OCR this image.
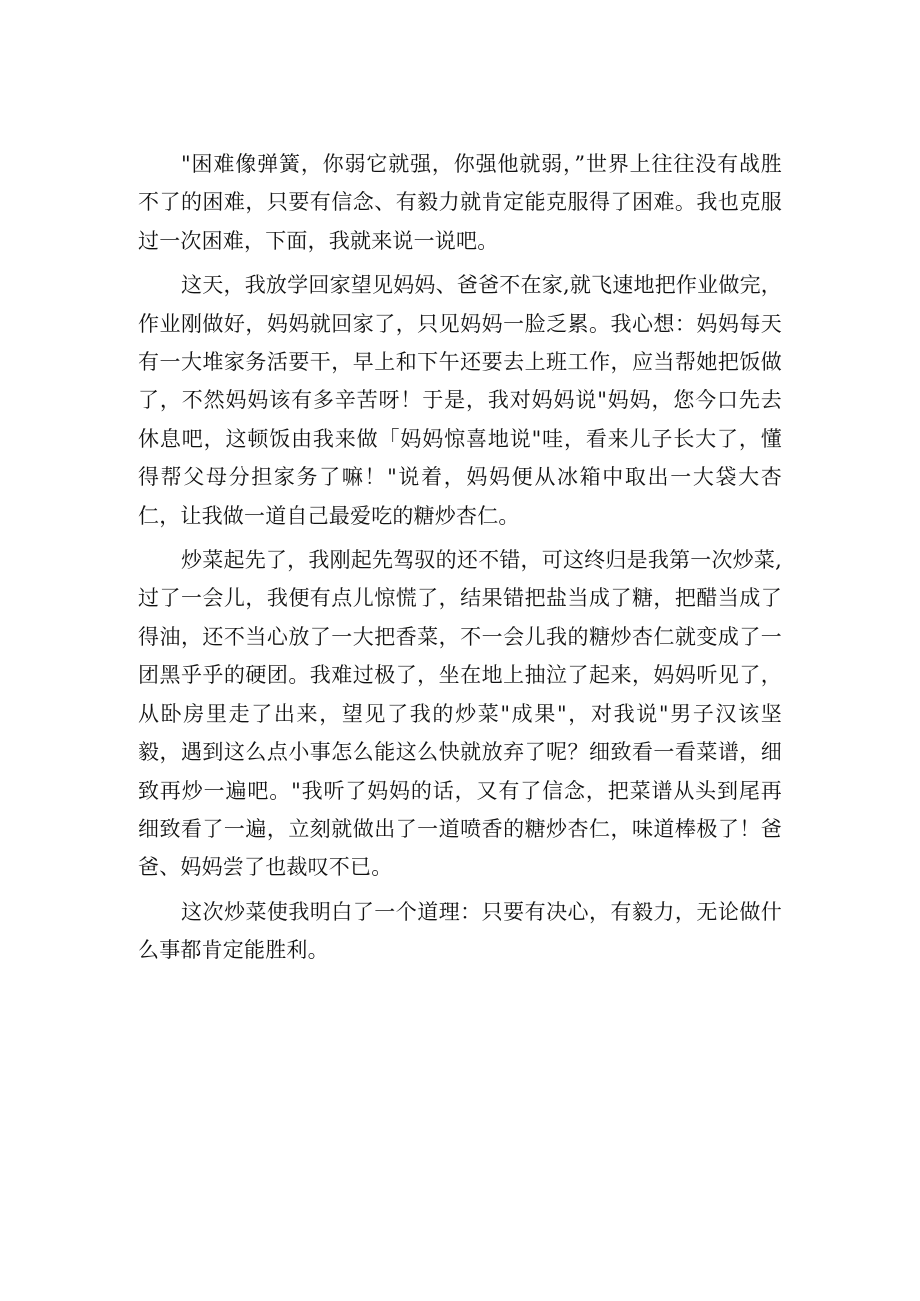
"困难像弹簧，你弱它就强，你强他就弱，”世界上往往没有战胜不了的困难，只要有信念、有毅力就肯定能克服得了困难。我也克服过一次困难，下面，我就来说一说吧。

这天，我放学回家望见妈妈、爸爸不在家,就飞速地把作业做完，作业刚做好，妈妈就回家了，只见妈妈一脸乏累。我心想：妈妈每天有一大堆家务活要干，早上和下午还要去上班工作，应当帮她把饭做了，不然妈妈该有多辛苦呀！于是，我对妈妈说"妈妈，您今口先去休息吧，这顿饭由我来做「妈妈惊喜地说"哇，看来儿子长大了，懂得帮父母分担家务了嘛！"说着，妈妈便从冰箱中取出一大袋大杏仁，让我做一道自己最爱吃的糖炒杏仁。

炒菜起先了，我刚起先驾驭的还不错，可这终归是我第一次炒菜,过了一会儿，我便有点儿惊慌了，结果错把盐当成了糖，把醋当成了得油，还不当心放了一大把香菜，不一会儿我的糖炒杏仁就变成了一团黑乎乎的硬团。我难过极了，坐在地上抽泣了起来，妈妈听见了，从卧房里走了出来，望见了我的炒菜"成果"，对我说"男子汉该坚毅，遇到这么点小事怎么能这么快就放弃了呢？细致看一看菜谱，细致再炒一遍吧。"我听了妈妈的话，又有了信念，把菜谱从头到尾再细致看了一遍，立刻就做出了一道喷香的糖炒杏仁，味道棒极了！爸爸、妈妈尝了也裁叹不已。

这次炒菜使我明白了一个道理：只要有决心，有毅力，无论做什么事都肯定能胜利。
